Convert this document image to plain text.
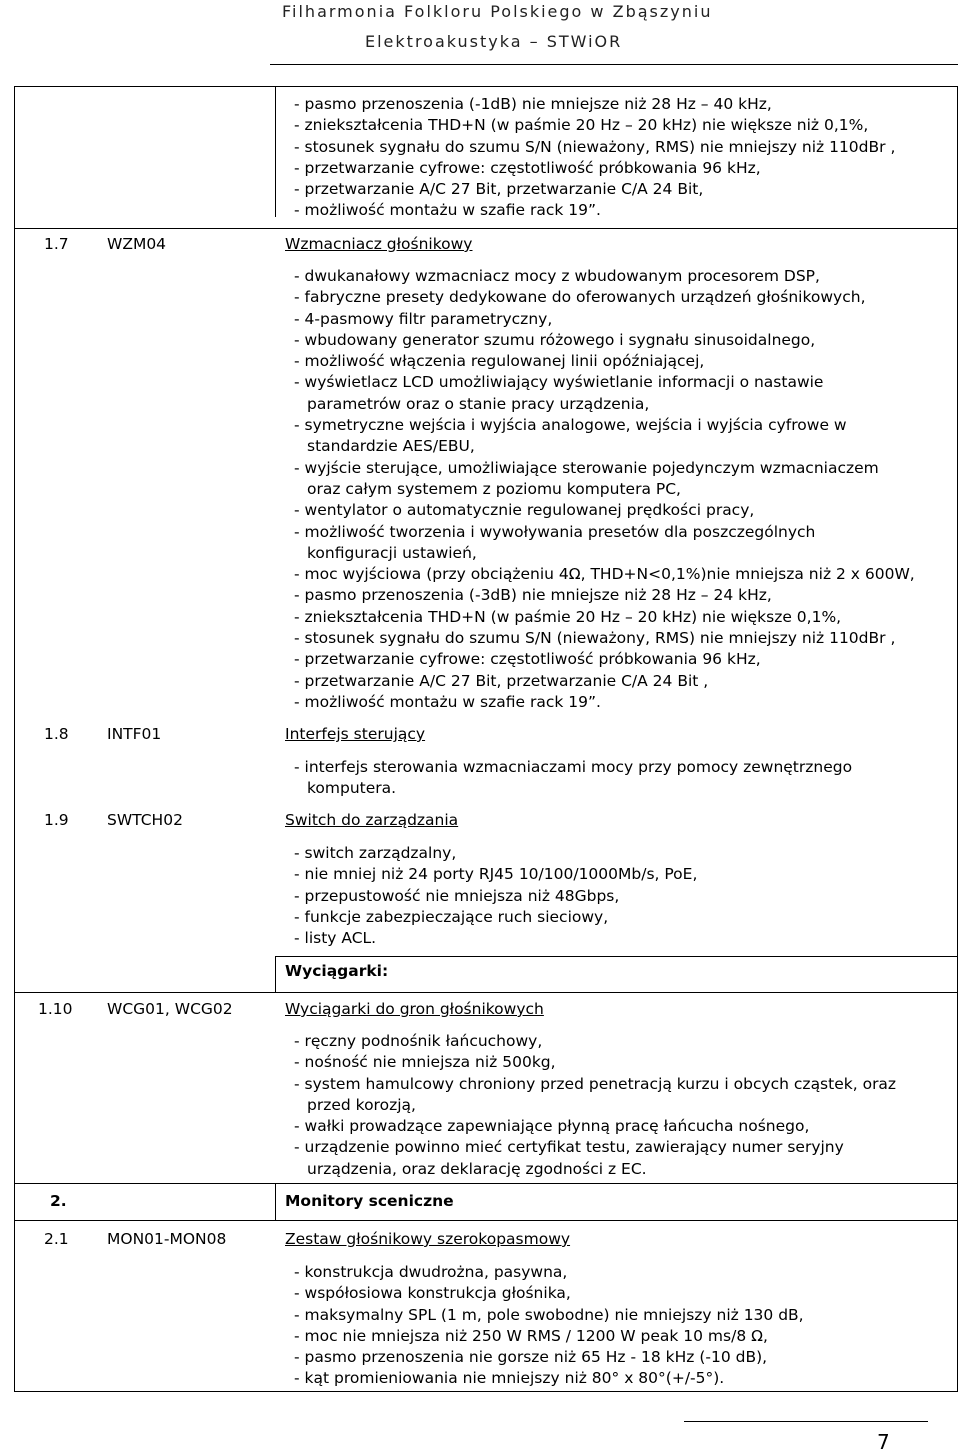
Filharmonia Folkloru Polskiego w Zbąszyniu
Elektroakustyka – STWiOR
- pasmo przenoszenia (-1dB) nie mniejsze niż 28 Hz – 40 kHz,
- zniekształcenia THD+N (w paśmie 20 Hz – 20 kHz) nie większe niż 0,1%,
- stosunek sygnału do szumu S/N (nieważony, RMS) nie mniejszy niż 110dBr ,
- przetwarzanie cyfrowe: częstotliwość próbkowania 96 kHz,
- przetwarzanie A/C 27 Bit, przetwarzanie C/A 24 Bit,
- możliwość montażu w szafie rack 19”.
1.7 WZM04	Wzmacniacz głośnikowy
- dwukanałowy wzmacniacz mocy z wbudowanym procesorem DSP,
- fabryczne presety dedykowane do oferowanych urządzeń głośnikowych,
- 4-pasmowy filtr parametryczny,
- wbudowany generator szumu różowego i sygnału sinusoidalnego,
- możliwość włączenia regulowanej linii opóźniającej,
- wyświetlacz LCD umożliwiający wyświetlanie informacji o nastawie
parametrów oraz o stanie pracy urządzenia,
- symetryczne wejścia i wyjścia analogowe, wejścia i wyjścia cyfrowe w
standardzie AES/EBU,
- wyjście sterujące, umożliwiające sterowanie pojedynczym wzmacniaczem
oraz całym systemem z poziomu komputera PC,
- wentylator o automatycznie regulowanej prędkości pracy,
- możliwość tworzenia i wywoływania presetów dla poszczególnych
konfiguracji ustawień,
- moc wyjściowa (przy obciążeniu 4Ω, THD+N<0,1%)nie mniejsza niż 2 x 600W,
- pasmo przenoszenia (-3dB) nie mniejsze niż 28 Hz – 24 kHz,
- zniekształcenia THD+N (w paśmie 20 Hz – 20 kHz) nie większe 0,1%,
- stosunek sygnału do szumu S/N (nieważony, RMS) nie mniejszy niż 110dBr ,
- przetwarzanie cyfrowe: częstotliwość próbkowania 96 kHz,
- przetwarzanie A/C 27 Bit, przetwarzanie C/A 24 Bit ,
- możliwość montażu w szafie rack 19”.
1.8 INTF01	Interfejs sterujący
- interfejs sterowania wzmacniaczami mocy przy pomocy zewnętrznego
komputera.
1.9 SWTCH02	Switch do zarządzania
- switch zarządzalny,
- nie mniej niż 24 porty RJ45 10/100/1000Mb/s, PoE,
- przepustowość nie mniejsza niż 48Gbps,
- funkcje zabezpieczające ruch sieciowy,
- listy ACL.
Wyciągarki:
1.10 WCG01, WCG02	Wyciągarki do gron głośnikowych
- ręczny podnośnik łańcuchowy,
- nośność nie mniejsza niż 500kg,
- system hamulcowy chroniony przed penetracją kurzu i obcych cząstek, oraz
przed korozją,
- wałki prowadzące zapewniające płynną pracę łańcucha nośnego,
- urządzenie powinno mieć certyfikat testu, zawierający numer seryjny
urządzenia, oraz deklarację zgodności z EC.
2.	Monitory sceniczne
2.1 MON01-MON08	Zestaw głośnikowy szerokopasmowy
- konstrukcja dwudrożna, pasywna,
- współosiowa konstrukcja głośnika,
- maksymalny SPL (1 m, pole swobodne) nie mniejszy niż 130 dB,
- moc nie mniejsza niż 250 W RMS / 1200 W peak 10 ms/8 Ω,
- pasmo przenoszenia nie gorsze niż 65 Hz - 18 kHz (-10 dB),
- kąt promieniowania nie mniejszy niż 80° x 80°(+/-5°).
7
